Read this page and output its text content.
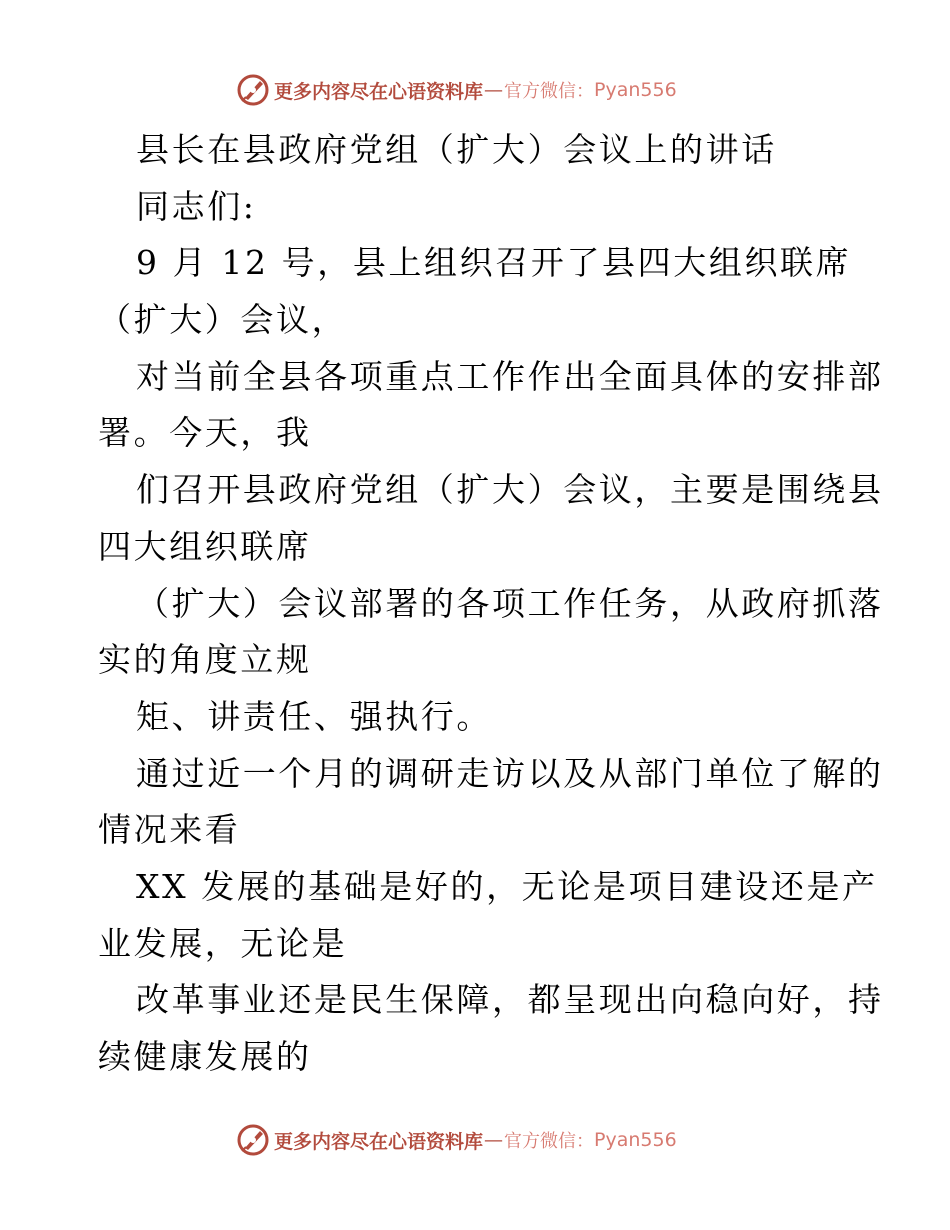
更多内容尽在心语资料库 — 官方微信： Pyan556
县长在县政府党组（扩大）会议上的讲话
同志们:
9 月 12 号，县上组织召开了县四大组织联席
（扩大）会议，
对当前全县各项重点工作作出全面具体的安排部
署。今天，我
们召开县政府党组（扩大）会议，主要是围绕县
四大组织联席
（扩大）会议部署的各项工作任务，从政府抓落
实的角度立规
矩、讲责任、强执行。
通过近一个月的调研走访以及从部门单位了解的
情况来看
XX 发展的基础是好的，无论是项目建设还是产
业发展，无论是
改革事业还是民生保障，都呈现出向稳向好，持
续健康发展的
更多内容尽在心语资料库 — 官方微信： Pyan556
